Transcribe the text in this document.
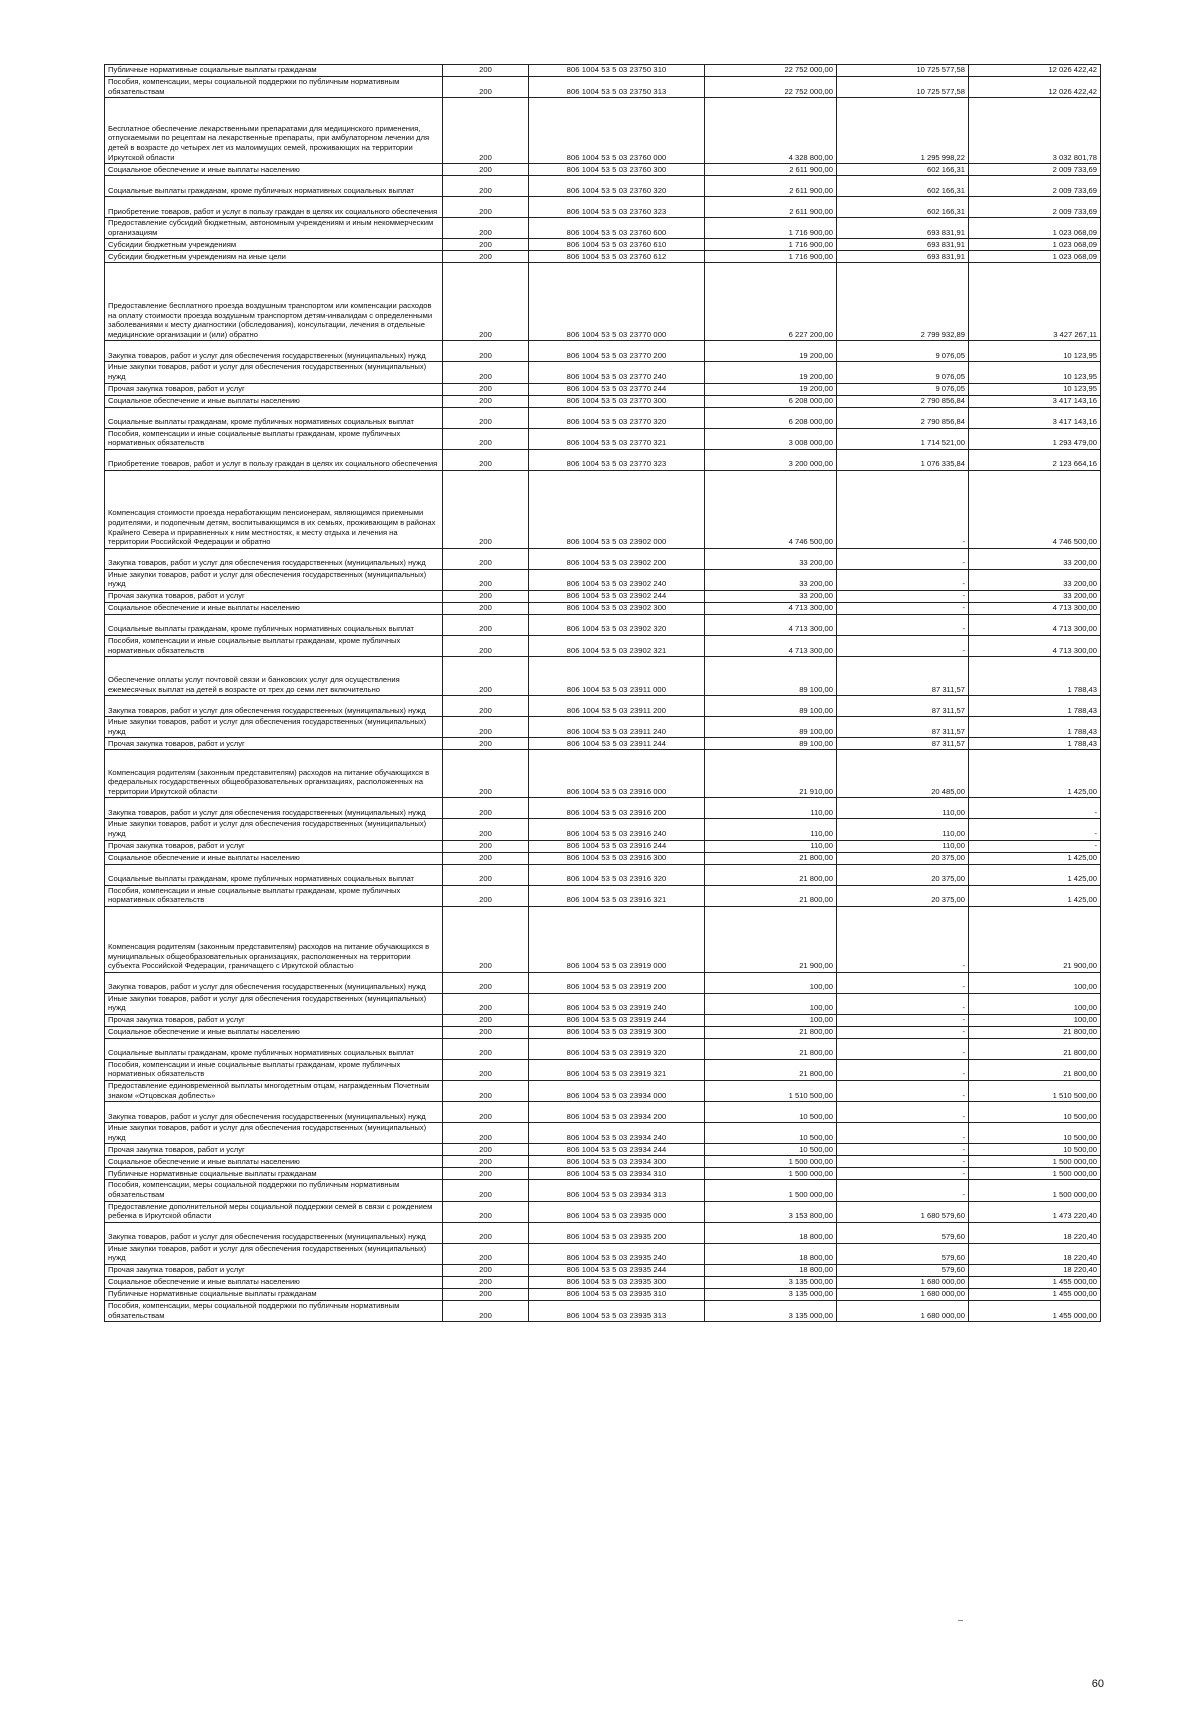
Публичные нормативные социальные выплаты гражданам	200	806 1004 53 5 03 23750 310	22 752 000,00	10 725 577,58	12 026 422,42

Пособия, компенсации, меры социальной поддержки по публичным нормативным обязательствам	200	806 1004 53 5 03 23750 313	22 752 000,00	10 725 577,58	12 026 422,42

Бесплатное обеспечение лекарственными препаратами для медицинского применения, отпускаемыми по рецептам на лекарственные препараты, при амбулаторном лечении для детей в возрасте до четырех лет из малоимущих семей, проживающих на территории Иркутской области	200	806 1004 53 5 03 23760 000	4 328 800,00	1 295 998,22	3 032 801,78

Социальное обеспечение и иные выплаты населению	200	806 1004 53 5 03 23760 300	2 611 900,00	602 166,31	2 009 733,69

Социальные выплаты гражданам, кроме публичных нормативных социальных выплат	200	806 1004 53 5 03 23760 320	2 611 900,00	602 166,31	2 009 733,69

Приобретение товаров, работ и услуг в пользу граждан в целях их социального обеспечения	200	806 1004 53 5 03 23760 323	2 611 900,00	602 166,31	2 009 733,69

Предоставление субсидий бюджетным, автономным учреждениям и иным некоммерческим организациям	200	806 1004 53 5 03 23760 600	1 716 900,00	693 831,91	1 023 068,09

Субсидии бюджетным учреждениям	200	806 1004 53 5 03 23760 610	1 716 900,00	693 831,91	1 023 068,09

Субсидии бюджетным учреждениям на иные цели	200	806 1004 53 5 03 23760 612	1 716 900,00	693 831,91	1 023 068,09

Предоставление бесплатного проезда воздушным транспортом или компенсации расходов на оплату стоимости проезда воздушным транспортом детям-инвалидам с определенными заболеваниями к месту диагностики (обследования), консультации, лечения в отдельные медицинские организации и (или) обратно	200	806 1004 53 5 03 23770 000	6 227 200,00	2 799 932,89	3 427 267,11

Закупка товаров, работ и услуг для обеспечения государственных (муниципальных) нужд	200	806 1004 53 5 03 23770 200	19 200,00	9 076,05	10 123,95

Иные закупки товаров, работ и услуг для обеспечения государственных (муниципальных) нужд	200	806 1004 53 5 03 23770 240	19 200,00	9 076,05	10 123,95

Прочая закупка товаров, работ и услуг	200	806 1004 53 5 03 23770 244	19 200,00	9 076,05	10 123,95

Социальное обеспечение и иные выплаты населению	200	806 1004 53 5 03 23770 300	6 208 000,00	2 790 856,84	3 417 143,16

Социальные выплаты гражданам, кроме публичных нормативных социальных выплат	200	806 1004 53 5 03 23770 320	6 208 000,00	2 790 856,84	3 417 143,16

Пособия, компенсации и иные социальные выплаты гражданам, кроме публичных нормативных обязательств	200	806 1004 53 5 03 23770 321	3 008 000,00	1 714 521,00	1 293 479,00

Приобретение товаров, работ и услуг в пользу граждан в целях их социального обеспечения	200	806 1004 53 5 03 23770 323	3 200 000,00	1 076 335,84	2 123 664,16

Компенсация стоимости проезда неработающим пенсионерам, являющимся приемными родителями, и подопечным детям, воспитывающимся в их семьях, проживающим в районах Крайнего Севера и приравненных к ним местностях, к месту отдыха и лечения на территории Российской Федерации и обратно	200	806 1004 53 5 03 23902 000	4 746 500,00	-	4 746 500,00

Закупка товаров, работ и услуг для обеспечения государственных (муниципальных) нужд	200	806 1004 53 5 03 23902 200	33 200,00	-	33 200,00

Иные закупки товаров, работ и услуг для обеспечения государственных (муниципальных) нужд	200	806 1004 53 5 03 23902 240	33 200,00	-	33 200,00

Прочая закупка товаров, работ и услуг	200	806 1004 53 5 03 23902 244	33 200,00	-	33 200,00

Социальное обеспечение и иные выплаты населению	200	806 1004 53 5 03 23902 300	4 713 300,00	-	4 713 300,00

Социальные выплаты гражданам, кроме публичных нормативных социальных выплат	200	806 1004 53 5 03 23902 320	4 713 300,00	-	4 713 300,00

Пособия, компенсации и иные социальные выплаты гражданам, кроме публичных нормативных обязательств	200	806 1004 53 5 03 23902 321	4 713 300,00	-	4 713 300,00

Обеспечение оплаты услуг почтовой связи и банковских услуг для осуществления ежемесячных выплат на детей в возрасте от трех до семи лет включительно	200	806 1004 53 5 03 23911 000	89 100,00	87 311,57	1 788,43

Закупка товаров, работ и услуг для обеспечения государственных (муниципальных) нужд	200	806 1004 53 5 03 23911 200	89 100,00	87 311,57	1 788,43

Иные закупки товаров, работ и услуг для обеспечения государственных (муниципальных) нужд	200	806 1004 53 5 03 23911 240	89 100,00	87 311,57	1 788,43

Прочая закупка товаров, работ и услуг	200	806 1004 53 5 03 23911 244	89 100,00	87 311,57	1 788,43

Компенсация родителям (законным представителям) расходов на питание обучающихся в федеральных государственных общеобразовательных организациях, расположенных на территории Иркутской области	200	806 1004 53 5 03 23916 000	21 910,00	20 485,00	1 425,00

Закупка товаров, работ и услуг для обеспечения государственных (муниципальных) нужд	200	806 1004 53 5 03 23916 200	110,00	110,00	-

Иные закупки товаров, работ и услуг для обеспечения государственных (муниципальных) нужд	200	806 1004 53 5 03 23916 240	110,00	110,00	-

Прочая закупка товаров, работ и услуг	200	806 1004 53 5 03 23916 244	110,00	110,00	-

Социальное обеспечение и иные выплаты населению	200	806 1004 53 5 03 23916 300	21 800,00	20 375,00	1 425,00

Социальные выплаты гражданам, кроме публичных нормативных социальных выплат	200	806 1004 53 5 03 23916 320	21 800,00	20 375,00	1 425,00

Пособия, компенсации и иные социальные выплаты гражданам, кроме публичных нормативных обязательств	200	806 1004 53 5 03 23916 321	21 800,00	20 375,00	1 425,00

Компенсация родителям (законным представителям) расходов на питание обучающихся в муниципальных общеобразовательных организациях, расположенных на территории субъекта Российской Федерации, граничащего с Иркутской областью	200	806 1004 53 5 03 23919 000	21 900,00	-	21 900,00

Закупка товаров, работ и услуг для обеспечения государственных (муниципальных) нужд	200	806 1004 53 5 03 23919 200	100,00	-	100,00

Иные закупки товаров, работ и услуг для обеспечения государственных (муниципальных) нужд	200	806 1004 53 5 03 23919 240	100,00	-	100,00

Прочая закупка товаров, работ и услуг	200	806 1004 53 5 03 23919 244	100,00	-	100,00

Социальное обеспечение и иные выплаты населению	200	806 1004 53 5 03 23919 300	21 800,00	-	21 800,00

Социальные выплаты гражданам, кроме публичных нормативных социальных выплат	200	806 1004 53 5 03 23919 320	21 800,00	-	21 800,00

Пособия, компенсации и иные социальные выплаты гражданам, кроме публичных нормативных обязательств	200	806 1004 53 5 03 23919 321	21 800,00	-	21 800,00

Предоставление единовременной выплаты многодетным отцам, награжденным Почетным знаком «Отцовская доблесть»	200	806 1004 53 5 03 23934 000	1 510 500,00	-	1 510 500,00

Закупка товаров, работ и услуг для обеспечения государственных (муниципальных) нужд	200	806 1004 53 5 03 23934 200	10 500,00	-	10 500,00

Иные закупки товаров, работ и услуг для обеспечения государственных (муниципальных) нужд	200	806 1004 53 5 03 23934 240	10 500,00	-	10 500,00

Прочая закупка товаров, работ и услуг	200	806 1004 53 5 03 23934 244	10 500,00	-	10 500,00

Социальное обеспечение и иные выплаты населению	200	806 1004 53 5 03 23934 300	1 500 000,00	-	1 500 000,00

Публичные нормативные социальные выплаты гражданам	200	806 1004 53 5 03 23934 310	1 500 000,00	-	1 500 000,00

Пособия, компенсации, меры социальной поддержки по публичным нормативным обязательствам	200	806 1004 53 5 03 23934 313	1 500 000,00	-	1 500 000,00

Предоставление дополнительной меры социальной поддержки семей в связи с рождением ребенка в Иркутской области	200	806 1004 53 5 03 23935 000	3 153 800,00	1 680 579,60	1 473 220,40

Закупка товаров, работ и услуг для обеспечения государственных (муниципальных) нужд	200	806 1004 53 5 03 23935 200	18 800,00	579,60	18 220,40

Иные закупки товаров, работ и услуг для обеспечения государственных (муниципальных) нужд	200	806 1004 53 5 03 23935 240	18 800,00	579,60	18 220,40

Прочая закупка товаров, работ и услуг	200	806 1004 53 5 03 23935 244	18 800,00	579,60	18 220,40

Социальное обеспечение и иные выплаты населению	200	806 1004 53 5 03 23935 300	3 135 000,00	1 680 000,00	1 455 000,00

Публичные нормативные социальные выплаты гражданам	200	806 1004 53 5 03 23935 310	3 135 000,00	1 680 000,00	1 455 000,00

Пособия, компенсации, меры социальной поддержки по публичным нормативным обязательствам	200	806 1004 53 5 03 23935 313	3 135 000,00	1 680 000,00	1 455 000,00
60
